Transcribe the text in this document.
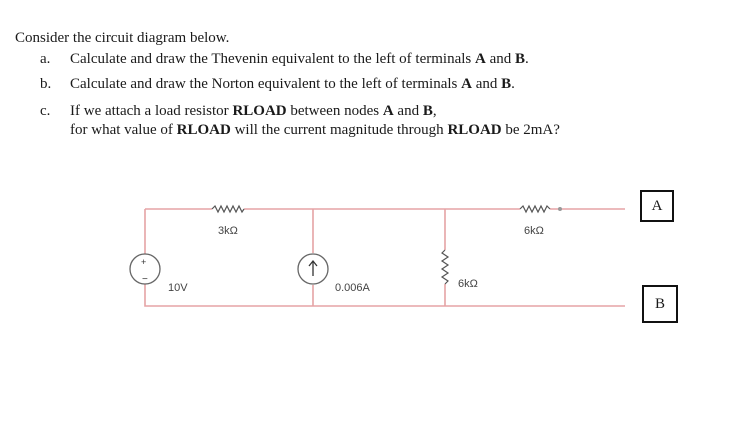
Consider the circuit diagram below.
a. Calculate and draw the Thevenin equivalent to the left of terminals A and B.
b. Calculate and draw the Norton equivalent to the left of terminals A and B.
c. If we attach a load resistor RLOAD between nodes A and B,
for what value of RLOAD will the current magnitude through RLOAD be 2mA?
3kΩ	6kΩ
6kΩ
+
−
10V	0.006A
A
B
